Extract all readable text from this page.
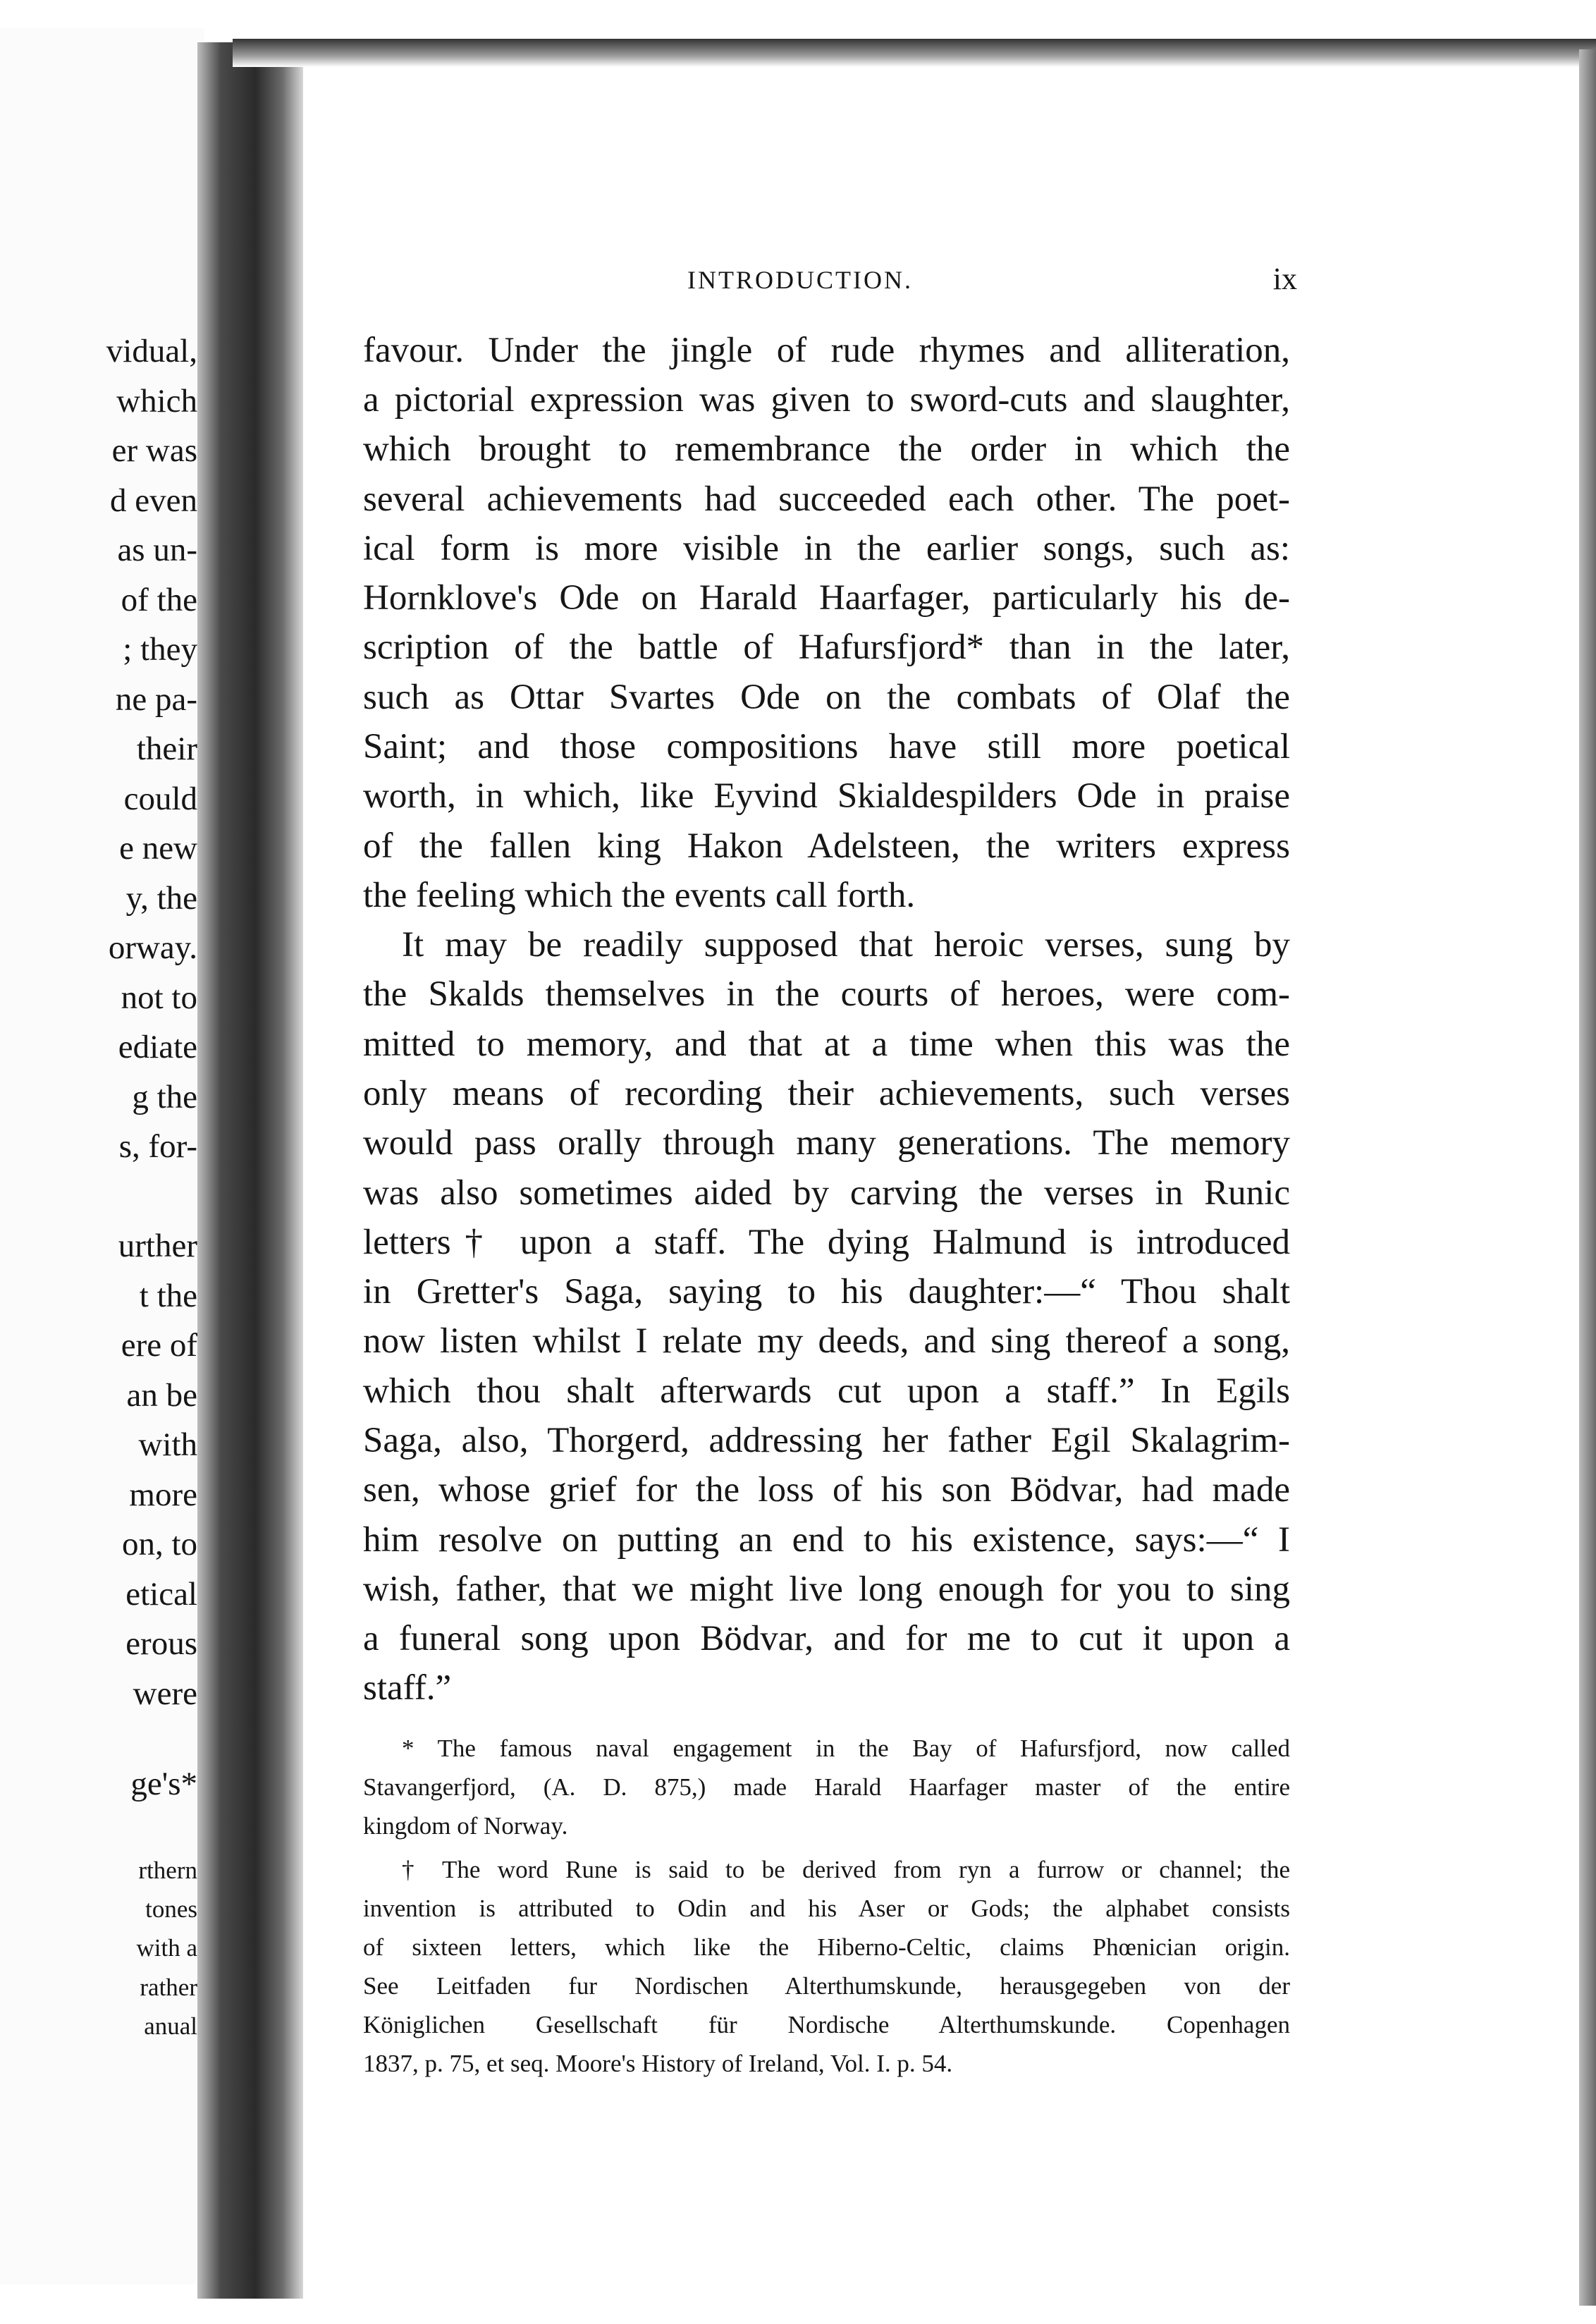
vidual,
which
er was
d even
as un-
of the
; they
ne pa-
their
could
e new
y, the
orway.
not to
ediate
g the
s, for-
urther
t the
ere of
an be
with
more
on, to
etical
erous
were
ge's*
rthern
tones
with a
rather
anual
INTRODUCTION.	ix
favour. Under the jingle of rude rhymes and alliteration,
a pictorial expression was given to sword-cuts and slaughter,
which brought to remembrance the order in which the
several achievements had succeeded each other. The poet-
ical form is more visible in the earlier songs, such as:
Hornklove's Ode on Harald Haarfager, particularly his de-
scription of the battle of Hafursfjord* than in the later,
such as Ottar Svartes Ode on the combats of Olaf the
Saint; and those compositions have still more poetical
worth, in which, like Eyvind Skialdespilders Ode in praise
of the fallen king Hakon Adelsteen, the writers express
the feeling which the events call forth.
It may be readily supposed that heroic verses, sung by
the Skalds themselves in the courts of heroes, were com-
mitted to memory, and that at a time when this was the
only means of recording their achievements, such verses
would pass orally through many generations. The memory
was also sometimes aided by carving the verses in Runic
letters† upon a staff. The dying Halmund is introduced
in Gretter's Saga, saying to his daughter:—“ Thou shalt
now listen whilst I relate my deeds, and sing thereof a song,
which thou shalt afterwards cut upon a staff.” In Egils
Saga, also, Thorgerd, addressing her father Egil Skalagrim-
sen, whose grief for the loss of his son Bödvar, had made
him resolve on putting an end to his existence, says:—“ I
wish, father, that we might live long enough for you to sing
a funeral song upon Bödvar, and for me to cut it upon a
staff.”
* The famous naval engagement in the Bay of Hafursfjord, now called
Stavangerfjord, (A. D. 875,) made Harald Haarfager master of the entire
kingdom of Norway.
† The word Rune is said to be derived from ryn a furrow or channel; the
invention is attributed to Odin and his Aser or Gods; the alphabet consists
of sixteen letters, which like the Hiberno-Celtic, claims Phœnician origin.
See Leitfaden fur Nordischen Alterthumskunde, herausgegeben von der
Königlichen Gesellschaft für Nordische Alterthumskunde. Copenhagen
1837, p. 75, et seq. Moore's History of Ireland, Vol. I. p. 54.
